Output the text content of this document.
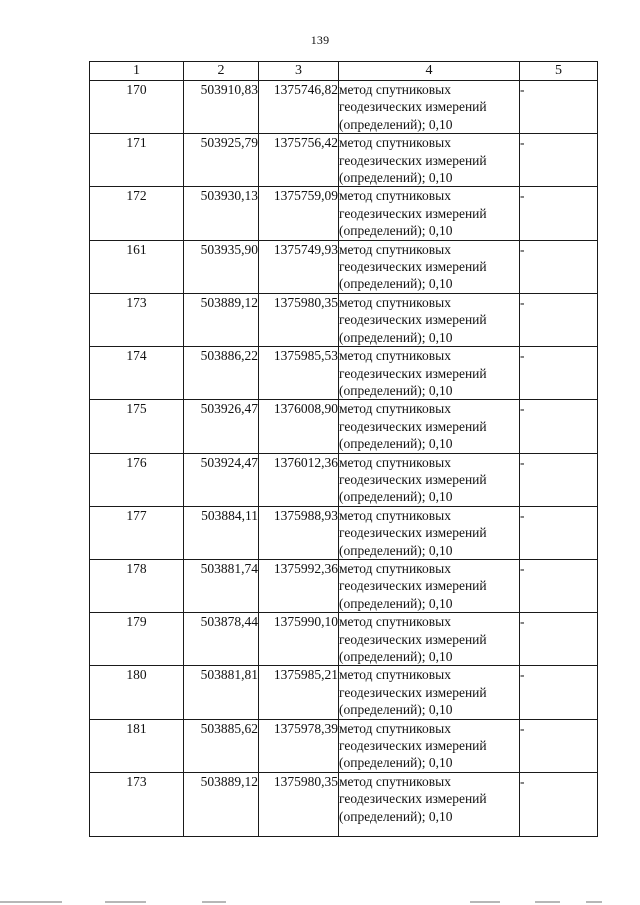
139
1	2	3	4	5
170	503910,83	1375746,82	метод спутниковых
геодезических измерений
(определений); 0,10	-
171	503925,79	1375756,42	метод спутниковых
геодезических измерений
(определений); 0,10	-
172	503930,13	1375759,09	метод спутниковых
геодезических измерений
(определений); 0,10	-
161	503935,90	1375749,93	метод спутниковых
геодезических измерений
(определений); 0,10	-
173	503889,12	1375980,35	метод спутниковых
геодезических измерений
(определений); 0,10	-
174	503886,22	1375985,53	метод спутниковых
геодезических измерений
(определений); 0,10	-
175	503926,47	1376008,90	метод спутниковых
геодезических измерений
(определений); 0,10	-
176	503924,47	1376012,36	метод спутниковых
геодезических измерений
(определений); 0,10	-
177	503884,11	1375988,93	метод спутниковых
геодезических измерений
(определений); 0,10	-
178	503881,74	1375992,36	метод спутниковых
геодезических измерений
(определений); 0,10	-
179	503878,44	1375990,10	метод спутниковых
геодезических измерений
(определений); 0,10	-
180	503881,81	1375985,21	метод спутниковых
геодезических измерений
(определений); 0,10	-
181	503885,62	1375978,39	метод спутниковых
геодезических измерений
(определений); 0,10	-
173	503889,12	1375980,35	метод спутниковых
геодезических измерений
(определений); 0,10	-
